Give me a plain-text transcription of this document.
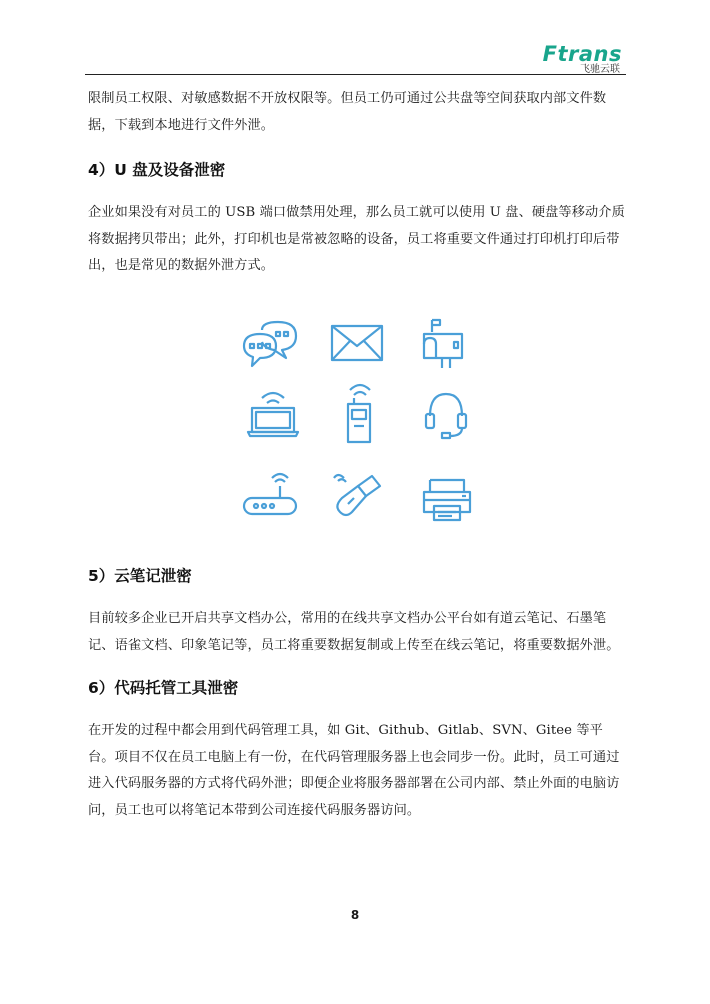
Ftrans
飞驰云联
限制员工权限、对敏感数据不开放权限等。但员工仍可通过公共盘等空间获取内部文件数据，下载到本地进行文件外泄。
4）U 盘及设备泄密
企业如果没有对员工的 USB 端口做禁用处理，那么员工就可以使用 U 盘、硬盘等移动介质将数据拷贝带出；此外，打印机也是常被忽略的设备，员工将重要文件通过打印机打印后带出，也是常见的数据外泄方式。
5）云笔记泄密
目前较多企业已开启共享文档办公，常用的在线共享文档办公平台如有道云笔记、石墨笔记、语雀文档、印象笔记等，员工将重要数据复制或上传至在线云笔记，将重要数据外泄。
6）代码托管工具泄密
在开发的过程中都会用到代码管理工具，如 Git、Github、Gitlab、SVN、Gitee 等平台。项目不仅在员工电脑上有一份，在代码管理服务器上也会同步一份。此时，员工可通过进入代码服务器的方式将代码外泄；即便企业将服务器部署在公司内部、禁止外面的电脑访问，员工也可以将笔记本带到公司连接代码服务器访问。
8
